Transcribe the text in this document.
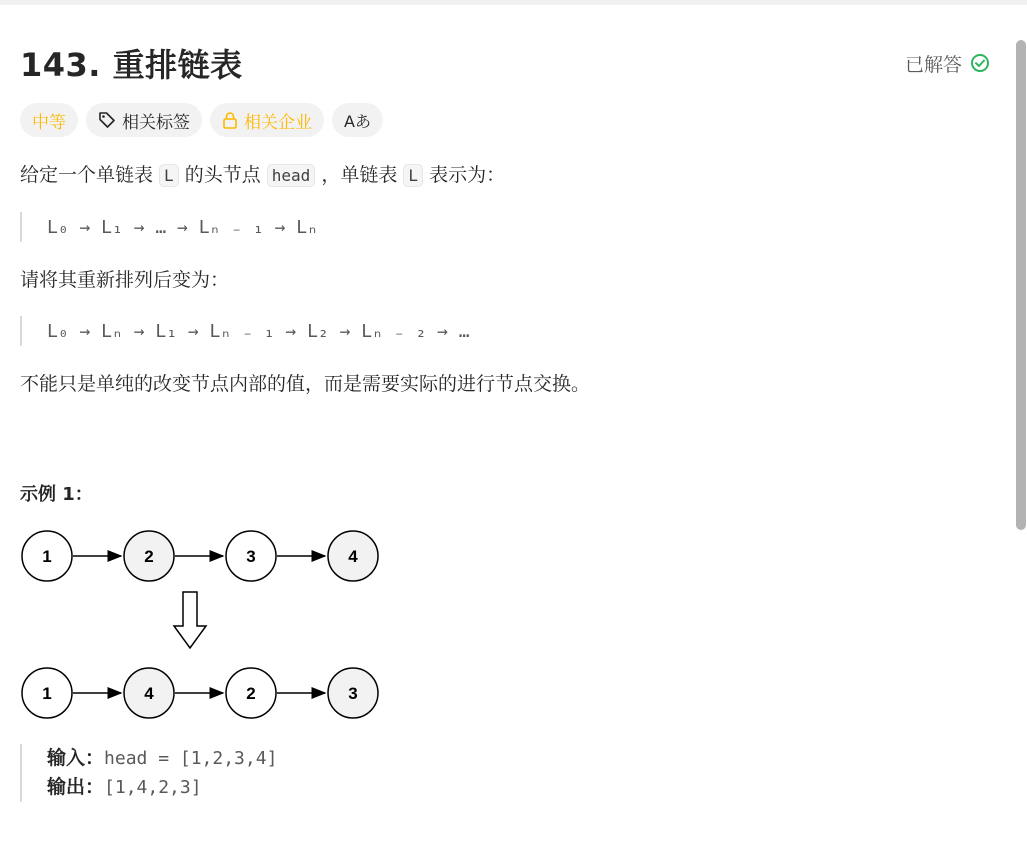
143. 重排链表	已解答
中等	相关标签	相关企业 Aあ
给定一个单链表 L 的头节点 head ，单链表 L 表示为：
L₀ → L₁ → … → Lₙ ₋ ₁ → Lₙ
请将其重新排列后变为：
L₀ → Lₙ → L₁ → Lₙ ₋ ₁ → L₂ → Lₙ ₋ ₂ → …
不能只是单纯的改变节点内部的值，而是需要实际的进行节点交换。
示例 1：
1	2	3	4
1	4	2	3
输入：head = [1,2,3,4]
输出：[1,4,2,3]
